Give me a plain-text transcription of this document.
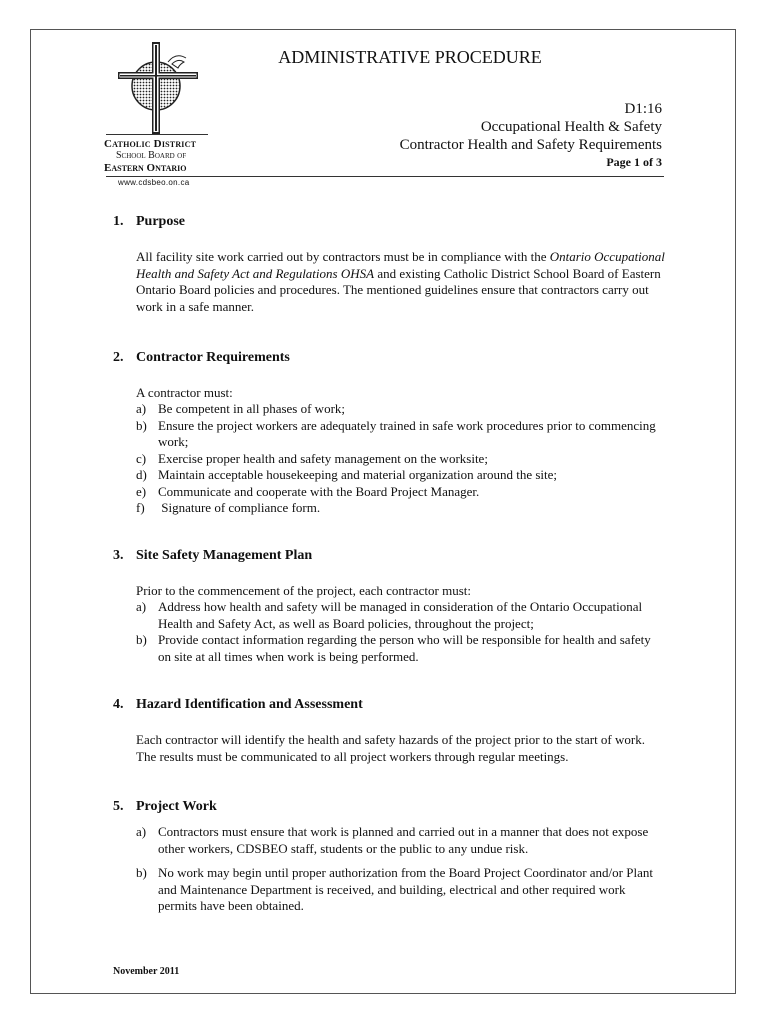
Catholic District
School Board of
Eastern Ontario
www.cdsbeo.on.ca
ADMINISTRATIVE PROCEDURE
D1:16
Occupational Health & Safety
Contractor Health and Safety Requirements
Page 1 of 3
1. Purpose
All facility site work carried out by contractors must be in compliance with the Ontario Occupational Health and Safety Act and Regulations OHSA and existing Catholic District School Board of Eastern Ontario Board policies and procedures. The mentioned guidelines ensure that contractors carry out work in a safe manner.
2. Contractor Requirements
A contractor must:
a) Be competent in all phases of work;
b) Ensure the project workers are adequately trained in safe work procedures prior to commencing work;
c) Exercise proper health and safety management on the worksite;
d) Maintain acceptable housekeeping and material organization around the site;
e) Communicate and cooperate with the Board Project Manager.
f) Signature of compliance form.
3. Site Safety Management Plan
Prior to the commencement of the project, each contractor must:
a) Address how health and safety will be managed in consideration of the Ontario Occupational Health and Safety Act, as well as Board policies, throughout the project;
b) Provide contact information regarding the person who will be responsible for health and safety on site at all times when work is being performed.
4. Hazard Identification and Assessment
Each contractor will identify the health and safety hazards of the project prior to the start of work. The results must be communicated to all project workers through regular meetings.
5. Project Work
a) Contractors must ensure that work is planned and carried out in a manner that does not expose other workers, CDSBEO staff, students or the public to any undue risk.
b) No work may begin until proper authorization from the Board Project Coordinator and/or Plant and Maintenance Department is received, and building, electrical and other required work permits have been obtained.
November 2011
